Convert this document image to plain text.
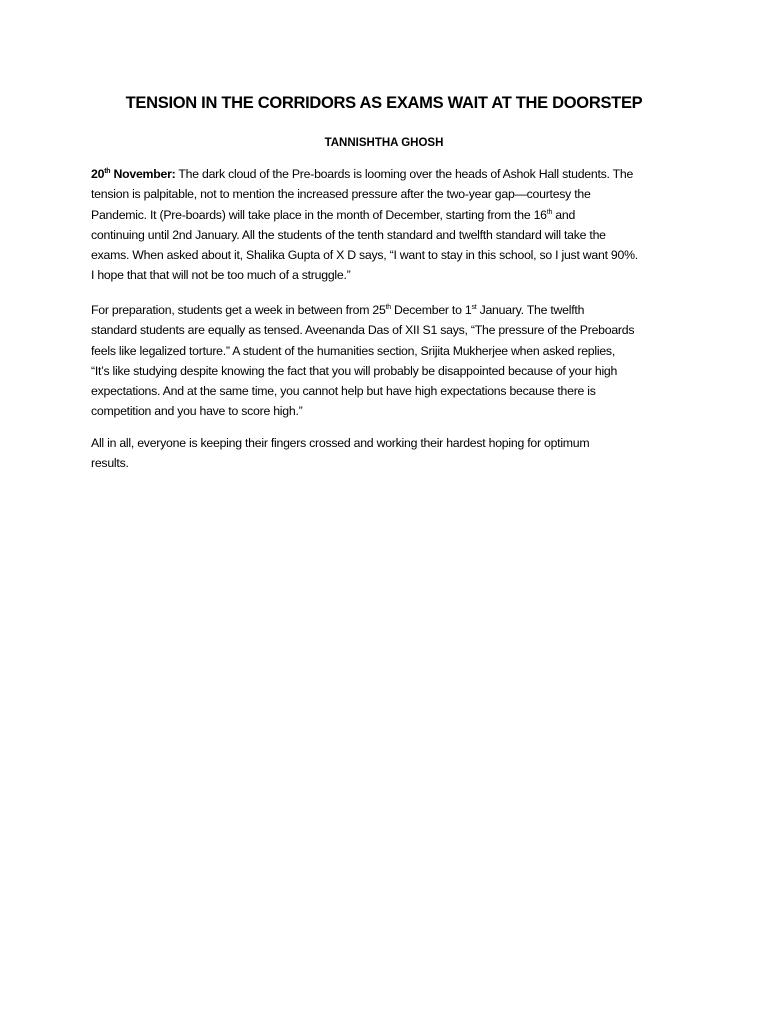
TENSION IN THE CORRIDORS AS EXAMS WAIT AT THE DOORSTEP
TANNISHTHA GHOSH
20th November: The dark cloud of the Pre-boards is looming over the heads of Ashok Hall students. The
tension is palpitable, not to mention the increased pressure after the two-year gap—courtesy the
Pandemic. It (Pre-boards) will take place in the month of December, starting from the 16th and
continuing until 2nd January. All the students of the tenth standard and twelfth standard will take the
exams. When asked about it, Shalika Gupta of X D says, “I want to stay in this school, so I just want 90%.
I hope that that will not be too much of a struggle.”
For preparation, students get a week in between from 25th December to 1st January. The twelfth
standard students are equally as tensed. Aveenanda Das of XII S1 says, “The pressure of the Preboards
feels like legalized torture.” A student of the humanities section, Srijita Mukherjee when asked replies,
“It’s like studying despite knowing the fact that you will probably be disappointed because of your high
expectations. And at the same time, you cannot help but have high expectations because there is
competition and you have to score high.”
All in all, everyone is keeping their fingers crossed and working their hardest hoping for optimum
results.
